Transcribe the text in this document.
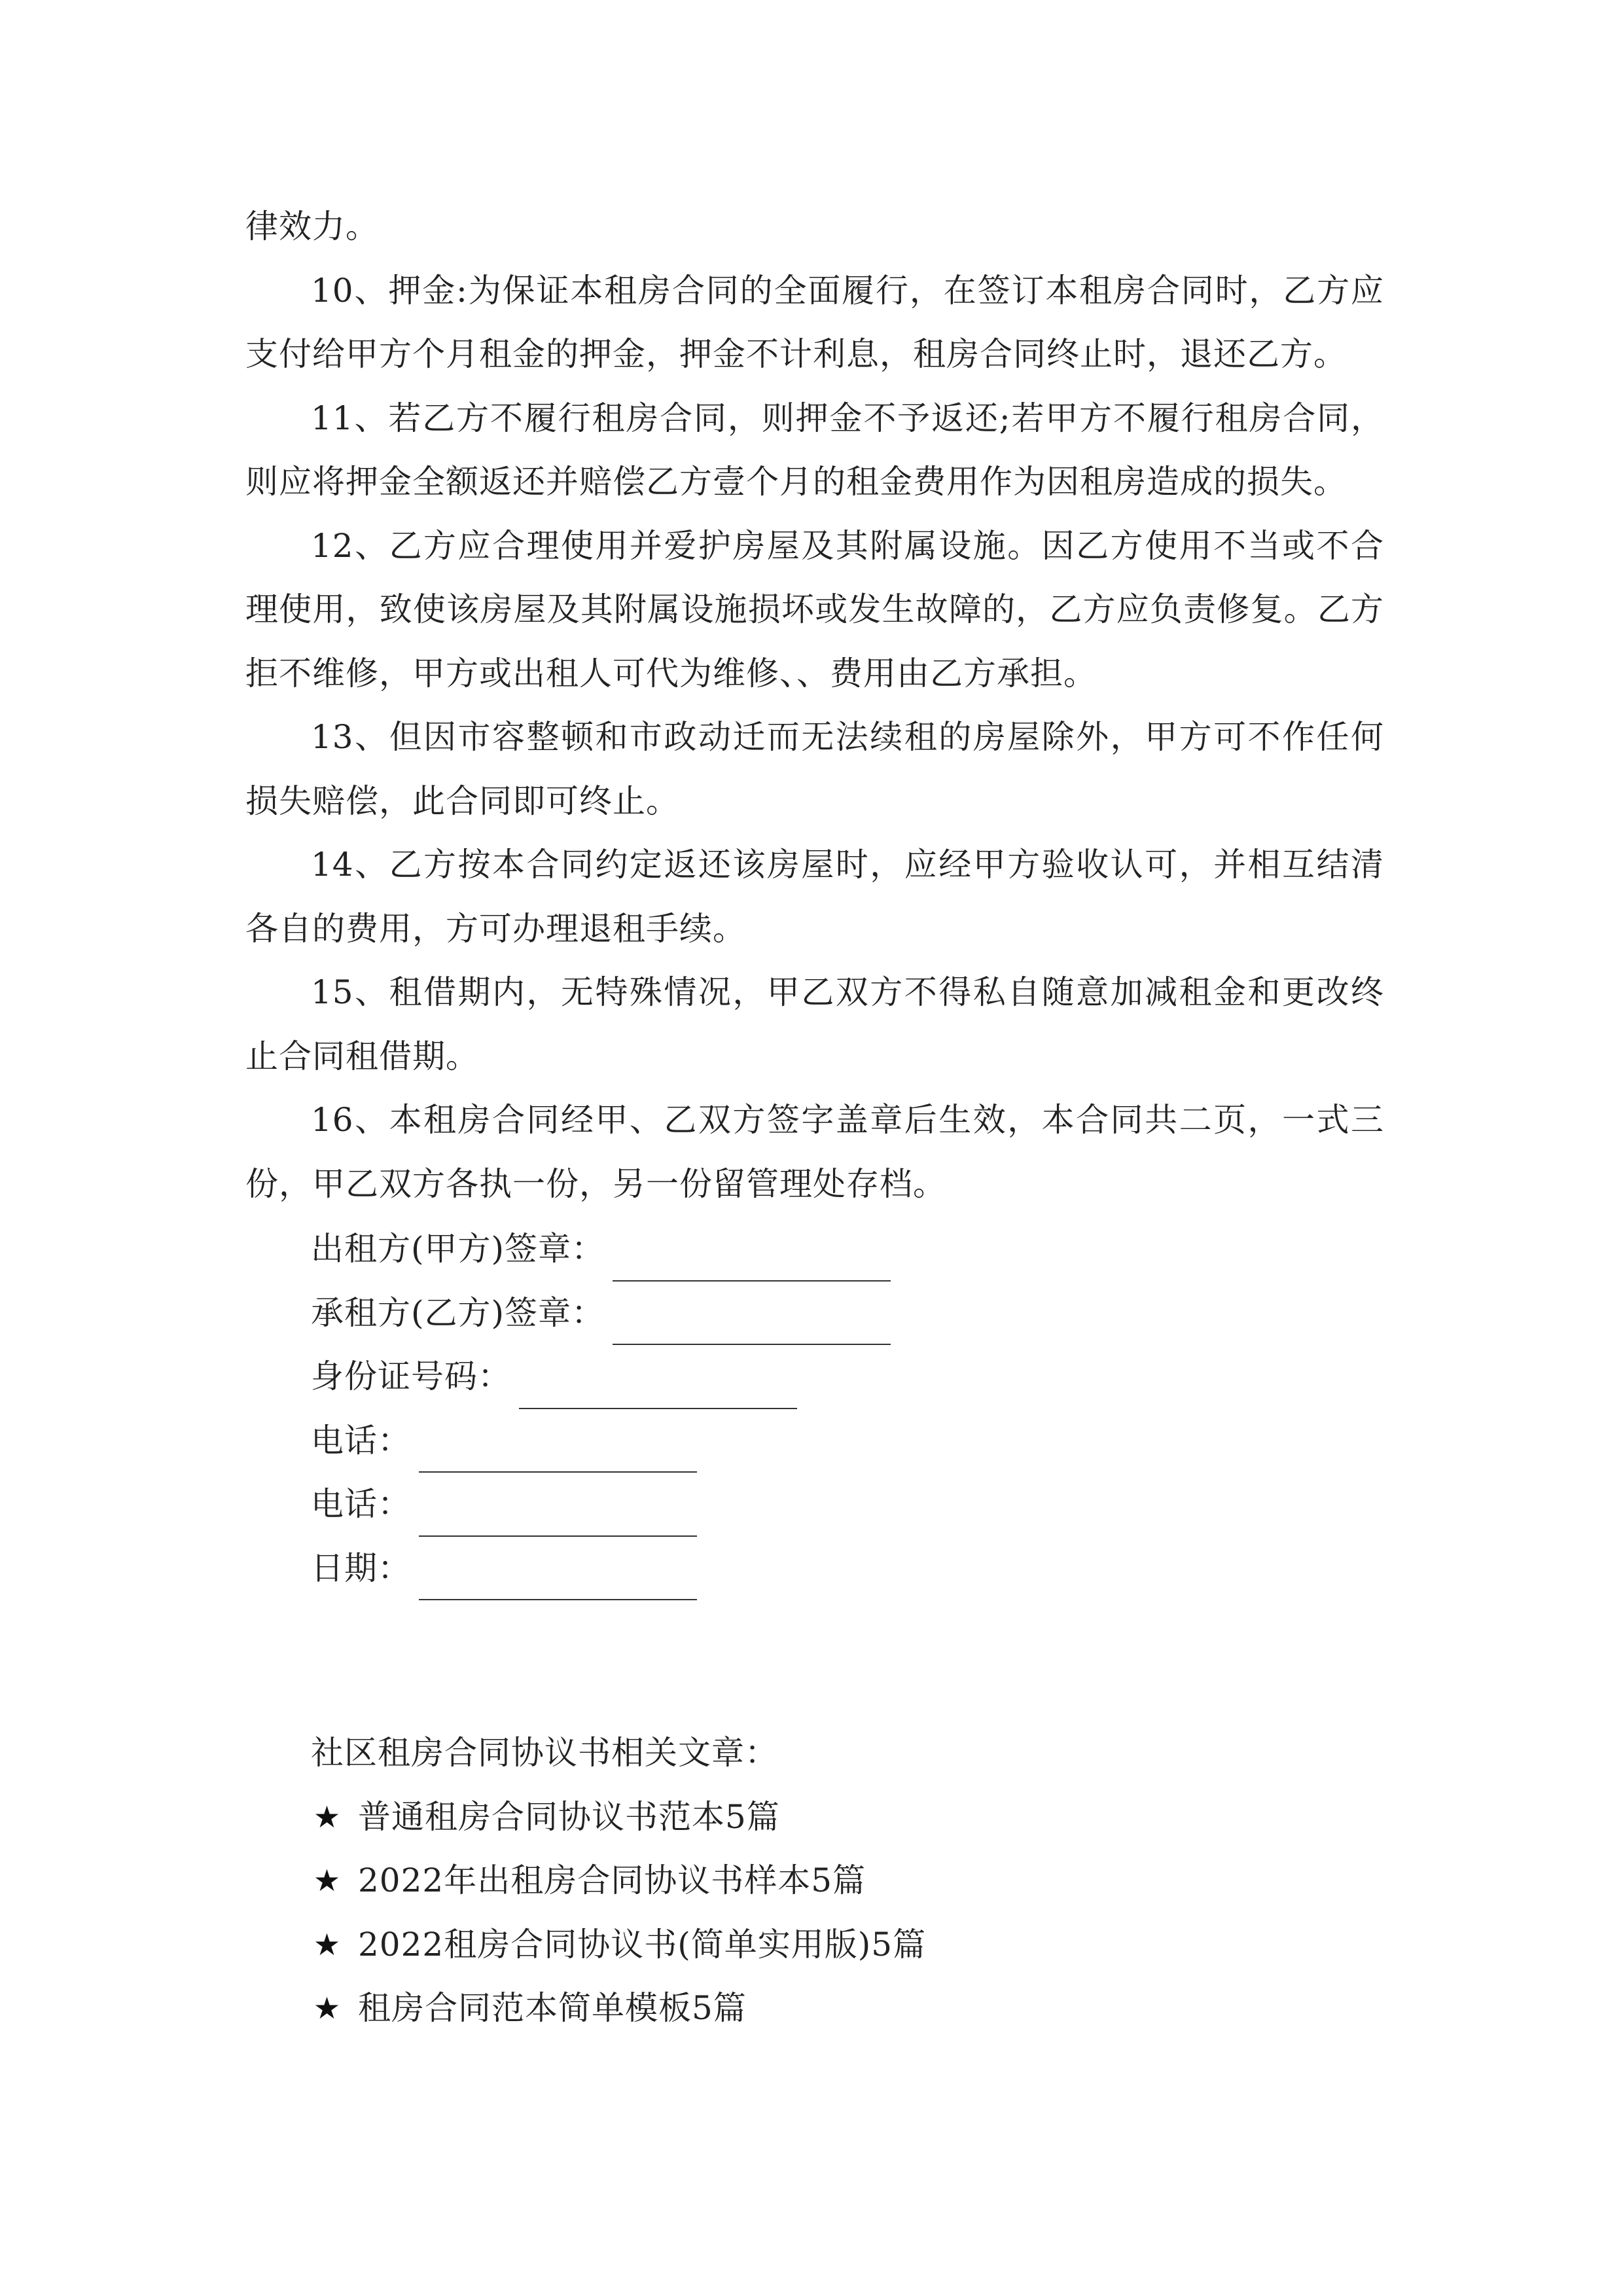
律效力。

10、押金:为保证本租房合同的全面履行，在签订本租房合同时，乙方应支付给甲方个月租金的押金，押金不计利息，租房合同终止时，退还乙方。

11、若乙方不履行租房合同，则押金不予返还;若甲方不履行租房合同，则应将押金全额返还并赔偿乙方壹个月的租金费用作为因租房造成的损失。

12、乙方应合理使用并爱护房屋及其附属设施。因乙方使用不当或不合理使用，致使该房屋及其附属设施损坏或发生故障的，乙方应负责修复。乙方拒不维修，甲方或出租人可代为维修、、费用由乙方承担。

13、但因市容整顿和市政动迁而无法续租的房屋除外，甲方可不作任何损失赔偿，此合同即可终止。

14、乙方按本合同约定返还该房屋时，应经甲方验收认可，并相互结清各自的费用，方可办理退租手续。

15、租借期内，无特殊情况，甲乙双方不得私自随意加减租金和更改终止合同租借期。

16、本租房合同经甲、乙双方签字盖章后生效，本合同共二页，一式三份，甲乙双方各执一份，另一份留管理处存档。

出租方(甲方)签章：
承租方(乙方)签章：
身份证号码：
电话：
电话：
日期：
社区租房合同协议书相关文章：
★ 普通租房合同协议书范本5篇
★ 2022年出租房合同协议书样本5篇
★ 2022租房合同协议书(简单实用版)5篇
★ 租房合同范本简单模板5篇
